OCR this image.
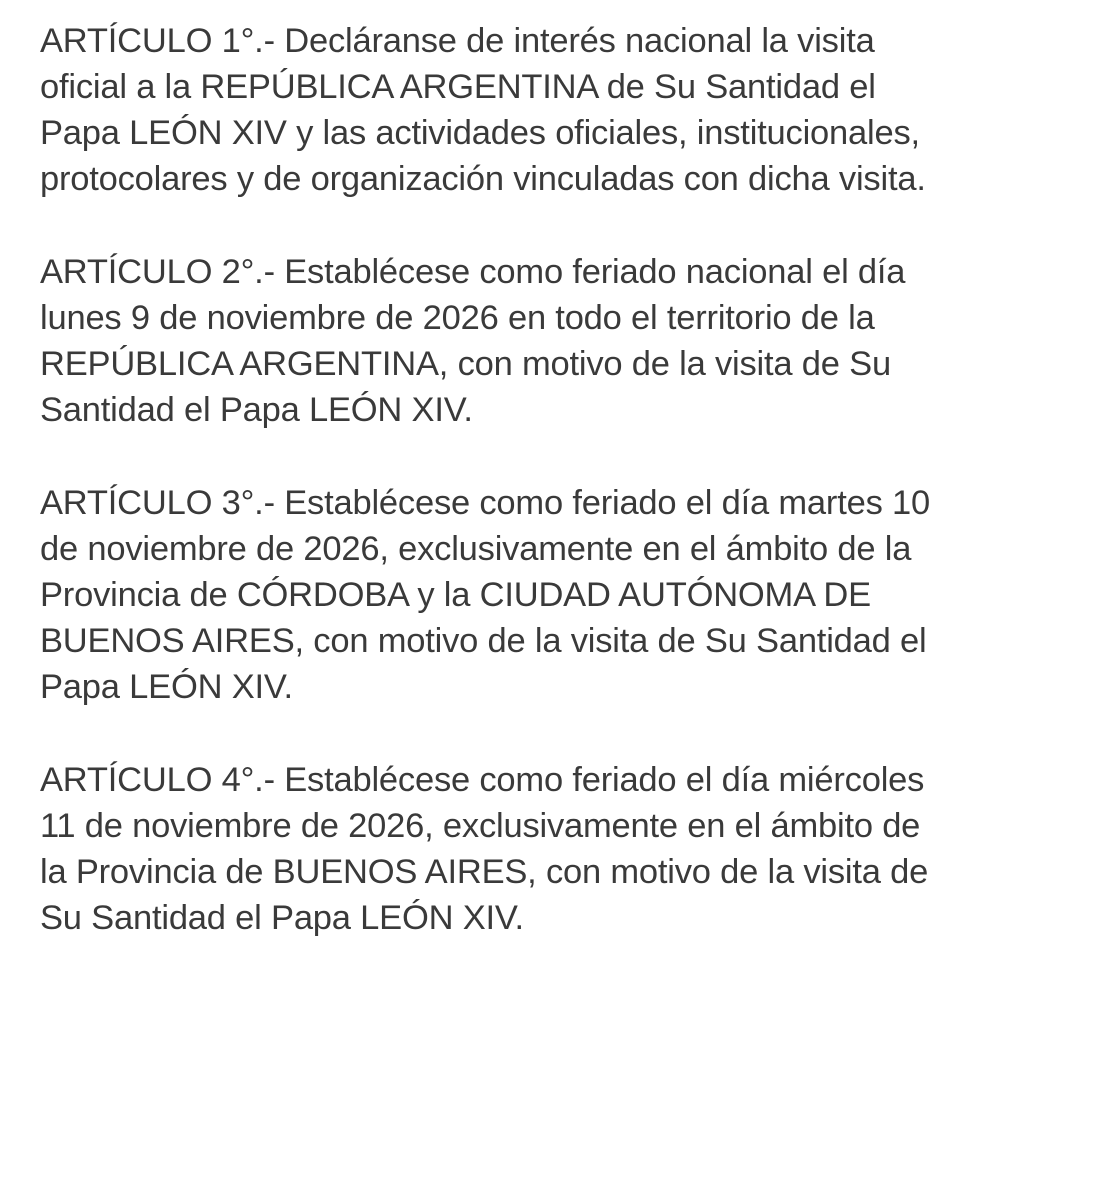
ARTÍCULO 1°.- Decláranse de interés nacional la visita
oficial a la REPÚBLICA ARGENTINA de Su Santidad el
Papa LEÓN XIV y las actividades oficiales, institucionales,
protocolares y de organización vinculadas con dicha visita.
ARTÍCULO 2°.- Establécese como feriado nacional el día
lunes 9 de noviembre de 2026 en todo el territorio de la
REPÚBLICA ARGENTINA, con motivo de la visita de Su
Santidad el Papa LEÓN XIV.
ARTÍCULO 3°.- Establécese como feriado el día martes 10
de noviembre de 2026, exclusivamente en el ámbito de la
Provincia de CÓRDOBA y la CIUDAD AUTÓNOMA DE
BUENOS AIRES, con motivo de la visita de Su Santidad el
Papa LEÓN XIV.
ARTÍCULO 4°.- Establécese como feriado el día miércoles
11 de noviembre de 2026, exclusivamente en el ámbito de
la Provincia de BUENOS AIRES, con motivo de la visita de
Su Santidad el Papa LEÓN XIV.
